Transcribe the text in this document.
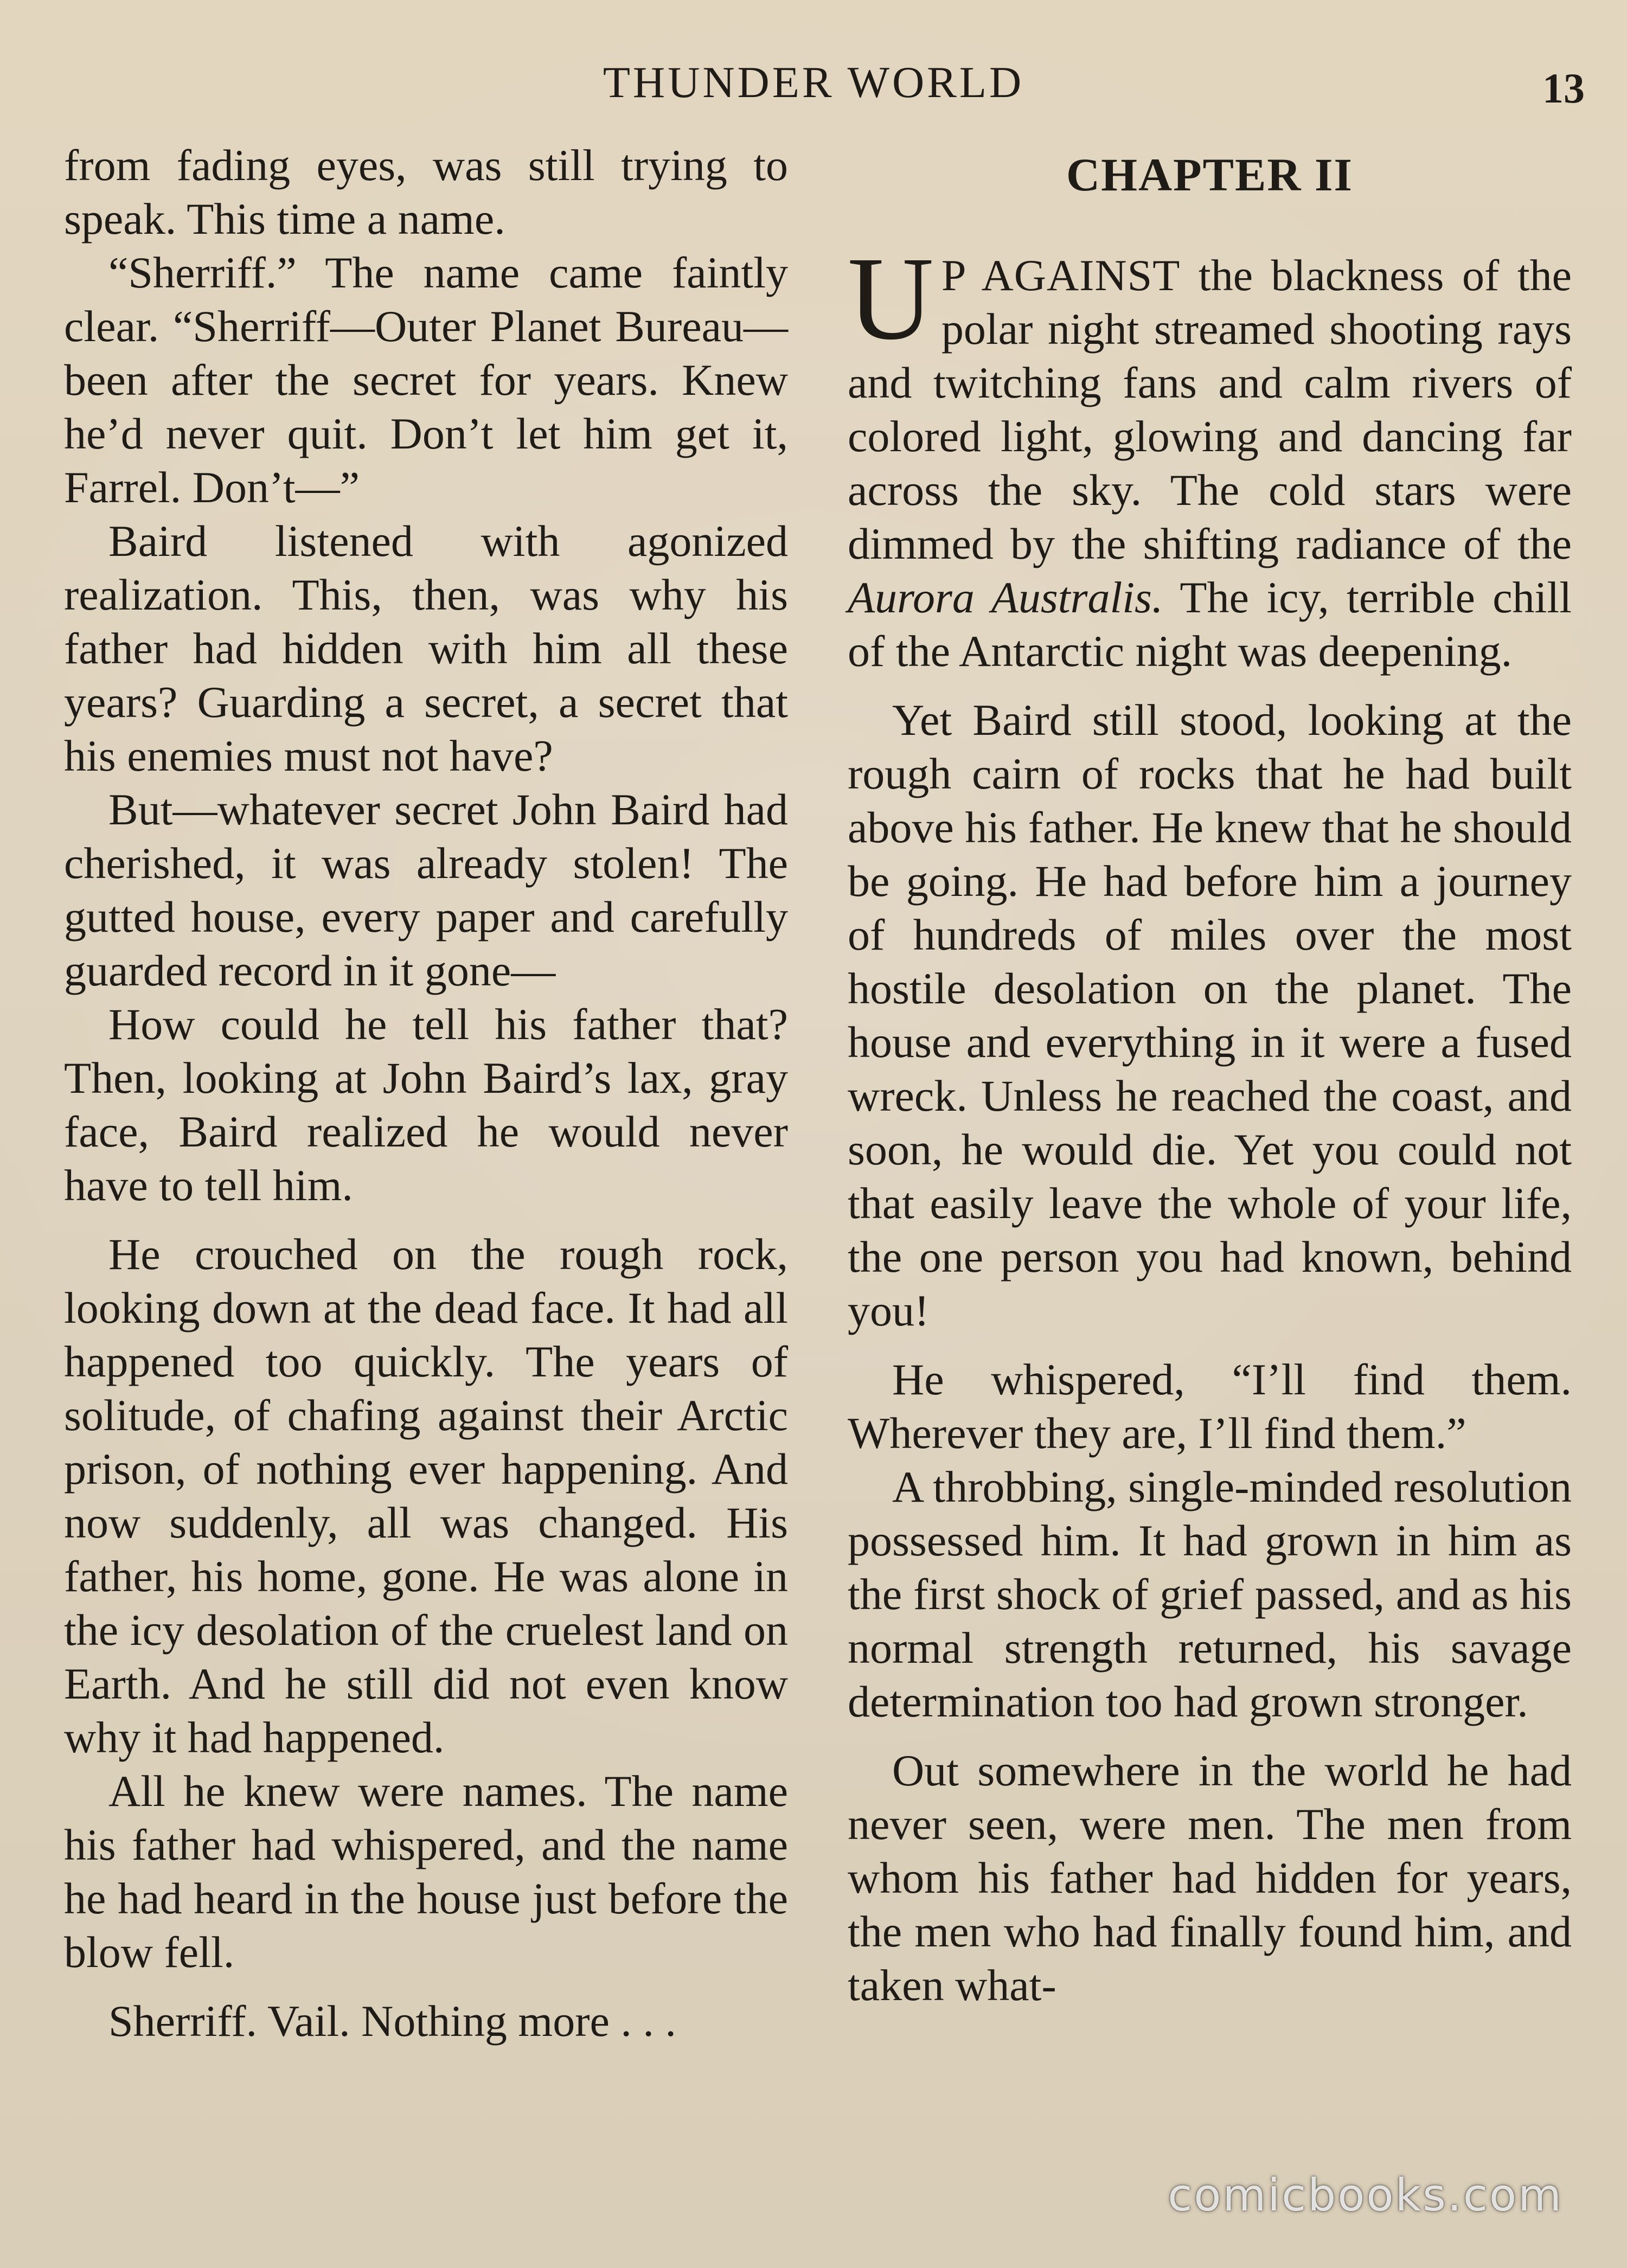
THUNDER WORLD	13

from fading eyes, was still trying to speak. This time a name.

“Sherriff.” The name came faintly clear. “Sherriff—Outer Planet Bureau—been after the secret for years. Knew he’d never quit. Don’t let him get it, Farrel. Don’t—”

Baird listened with agonized realization. This, then, was why his father had hidden with him all these years? Guarding a secret, a secret that his enemies must not have?

But—whatever secret John Baird had cherished, it was already stolen! The gutted house, every paper and carefully guarded record in it gone—

How could he tell his father that? Then, looking at John Baird’s lax, gray face, Baird realized he would never have to tell him.

He crouched on the rough rock, looking down at the dead face. It had all happened too quickly. The years of solitude, of chafing against their Arctic prison, of nothing ever happening. And now suddenly, all was changed. His father, his home, gone. He was alone in the icy desolation of the cruelest land on Earth. And he still did not even know why it had happened.

All he knew were names. The name his father had whispered, and the name he had heard in the house just before the blow fell.

Sherriff. Vail. Nothing more . . .

CHAPTER II

U P AGAINST the blackness of the polar night streamed shooting rays and twitching fans and calm rivers of colored light, glowing and dancing far across the sky. The cold stars were dimmed by the shifting radiance of the Aurora Australis. The icy, terrible chill of the Antarctic night was deepening.

Yet Baird still stood, looking at the rough cairn of rocks that he had built above his father. He knew that he should be going. He had before him a journey of hundreds of miles over the most hostile desolation on the planet. The house and everything in it were a fused wreck. Unless he reached the coast, and soon, he would die. Yet you could not that easily leave the whole of your life, the one person you had known, behind you!

He whispered, “I’ll find them. Wherever they are, I’ll find them.”

A throbbing, single-minded resolution possessed him. It had grown in him as the first shock of grief passed, and as his normal strength returned, his savage determination too had grown stronger.

Out somewhere in the world he had never seen, were men. The men from whom his father had hidden for years, the men who had finally found him, and taken what-

comicbooks.com
